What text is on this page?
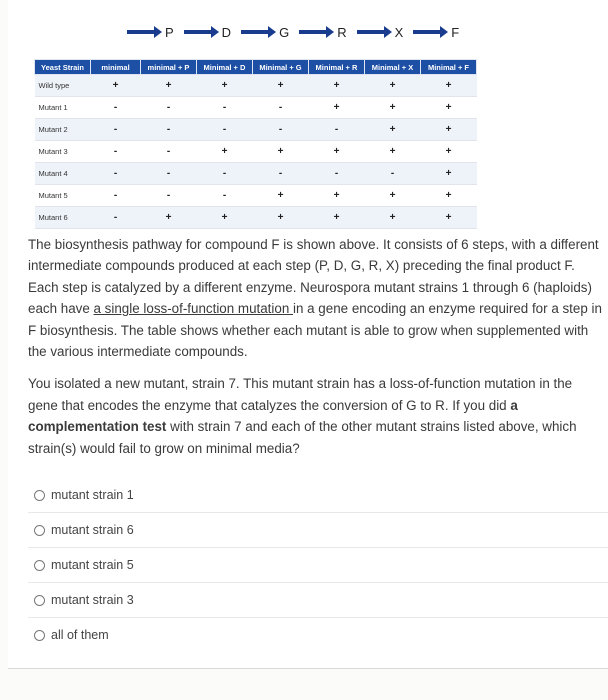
P	D	G	R	X	F
Yeast Strain	minimal	minimal + P	Minimal + D	Minimal + G	Minimal + R	Minimal + X	Minimal + F
Wild type	+	+	+	+	+	+	+
Mutant 1	-	-	-	-	+	+	+
Mutant 2	-	-	-	-	-	+	+
Mutant 3	-	-	+	+	+	+	+
Mutant 4	-	-	-	-	-	-	+
Mutant 5	-	-	-	+	+	+	+
Mutant 6	-	+	+	+	+	+	+

The biosynthesis pathway for compound F is shown above. It consists of 6 steps, with a different intermediate compounds produced at each step (P, D, G, R, X) preceding the final product F. Each step is catalyzed by a different enzyme. Neurospora mutant strains 1 through 6 (haploids) each have a single loss-of-function mutation in a gene encoding an enzyme required for a step in F biosynthesis. The table shows whether each mutant is able to grow when supplemented with the various intermediate compounds.

You isolated a new mutant, strain 7. This mutant strain has a loss-of-function mutation in the gene that encodes the enzyme that catalyzes the conversion of G to R. If you did a complementation test with strain 7 and each of the other mutant strains listed above, which strain(s) would fail to grow on minimal media?

mutant strain 1
mutant strain 6
mutant strain 5
mutant strain 3
all of them
